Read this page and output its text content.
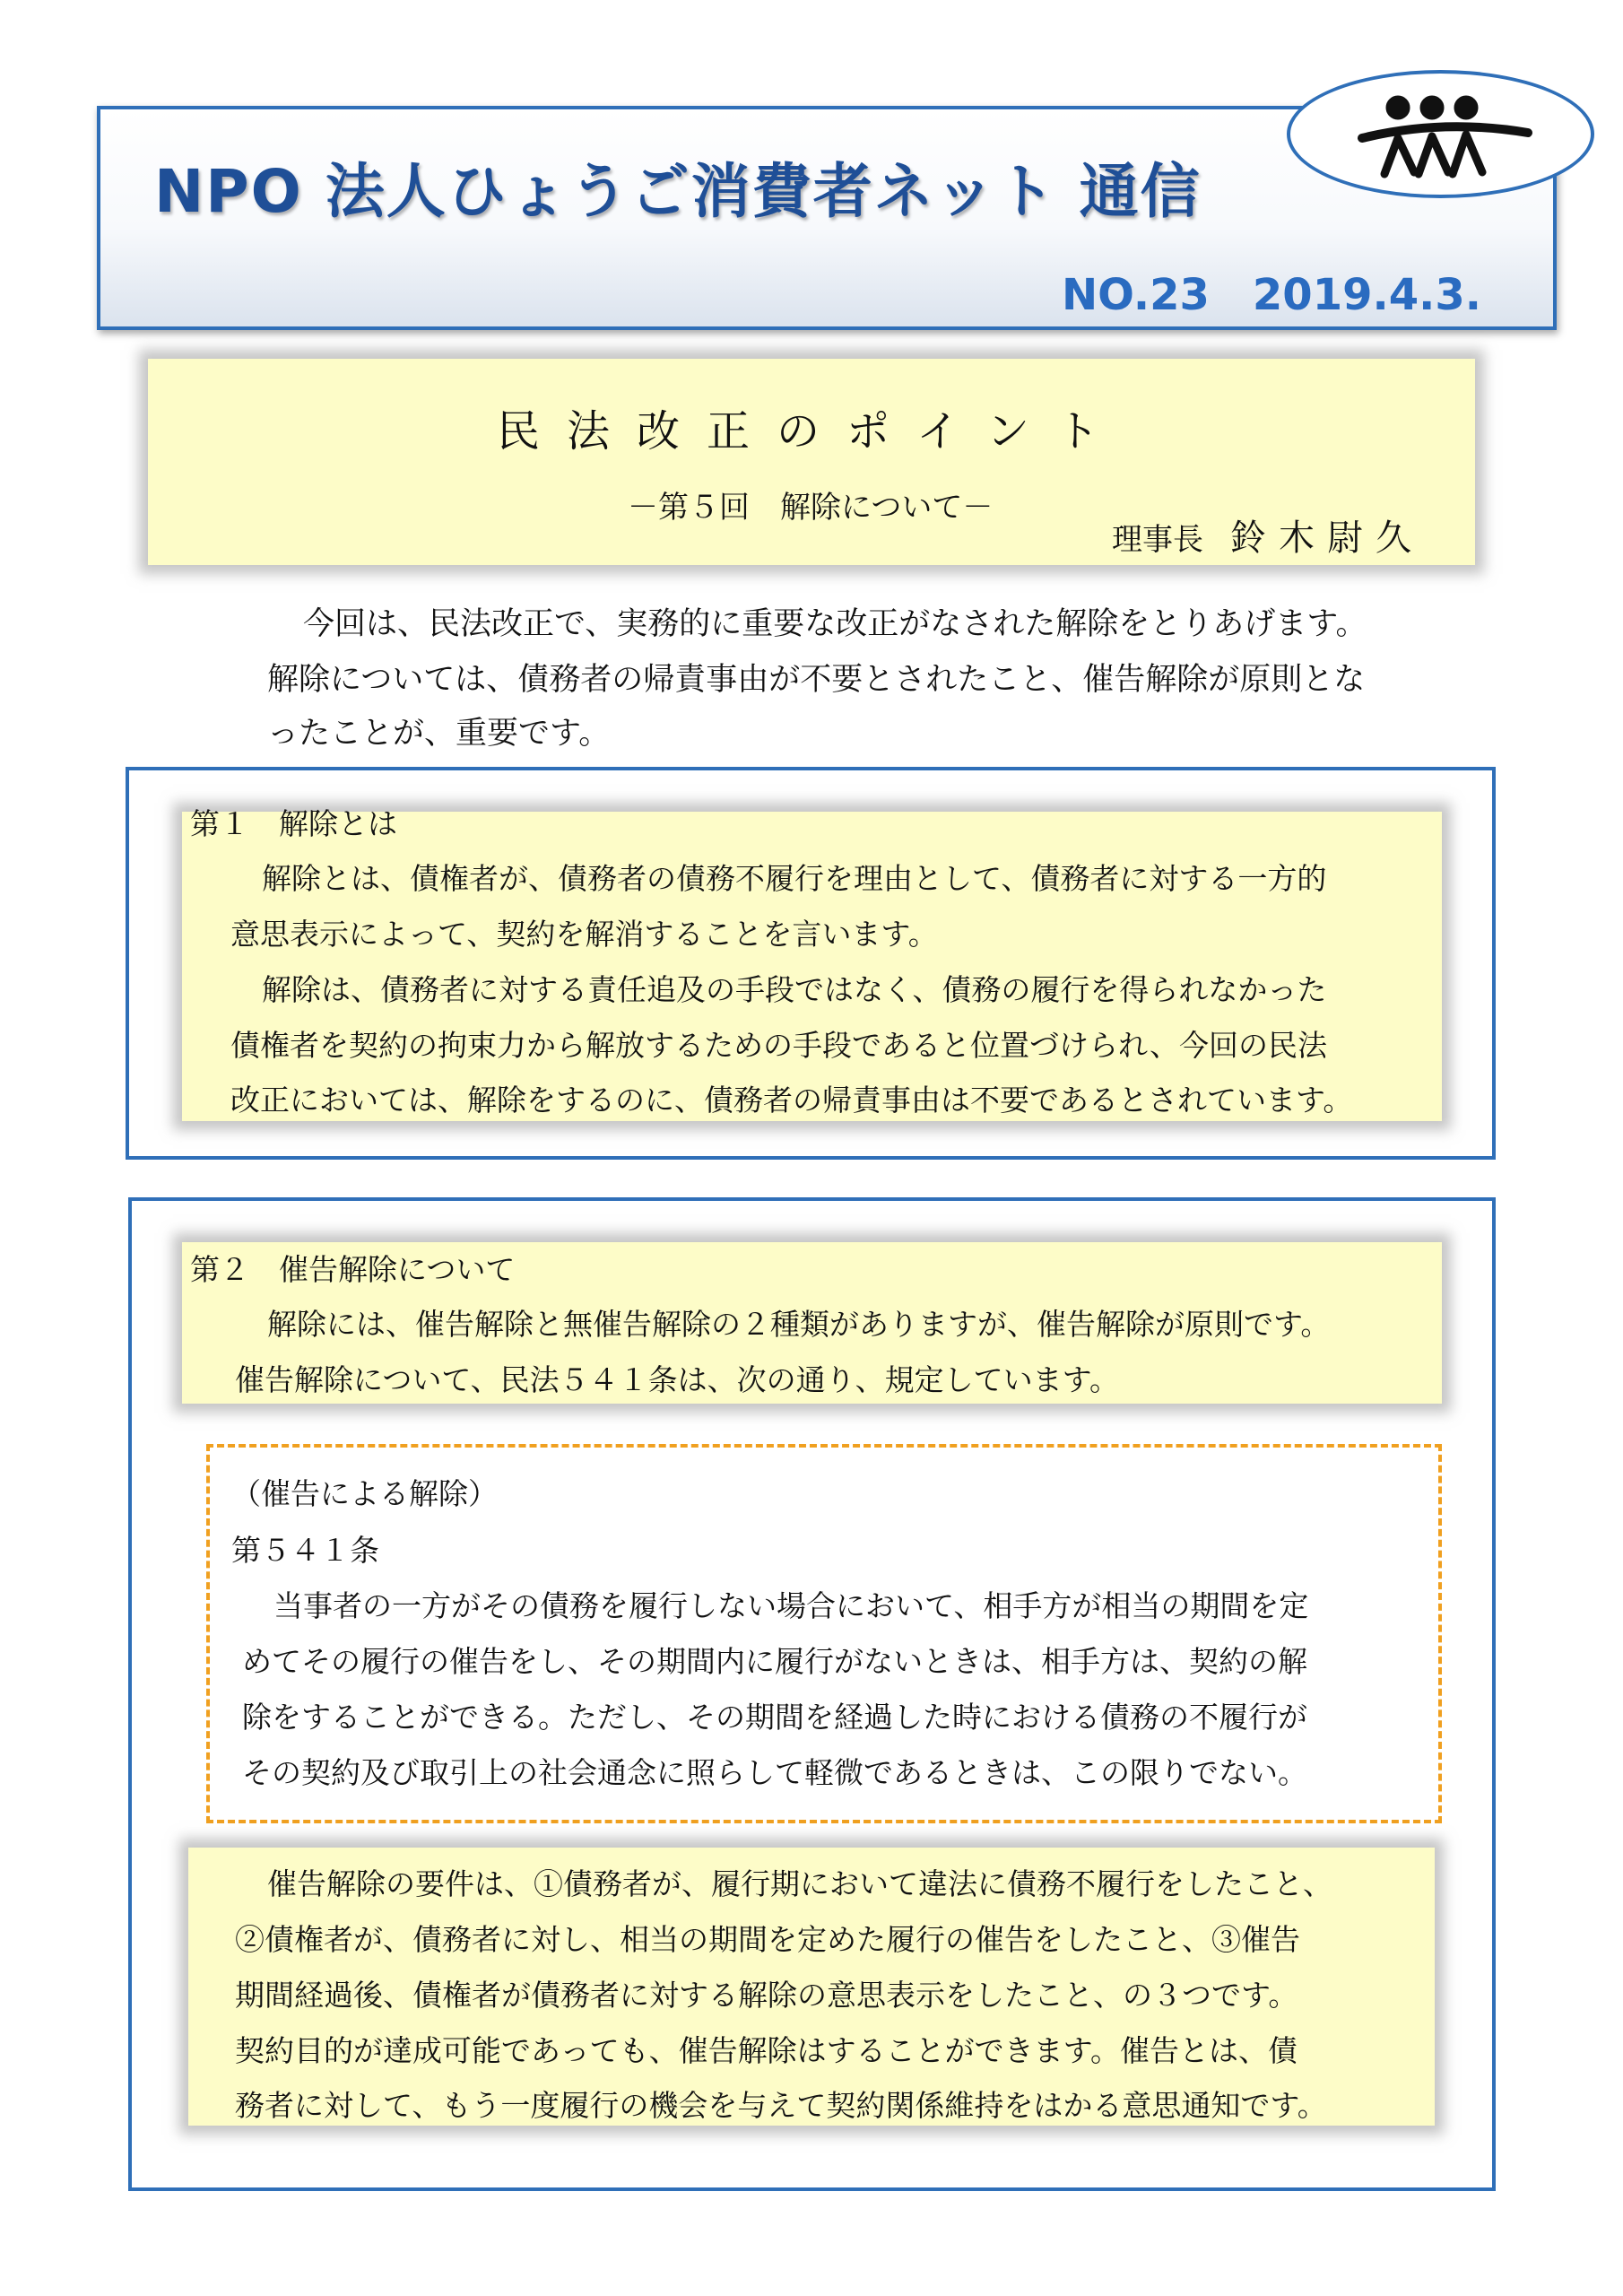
NPO 法人ひょうご消費者ネット 通信
NO.23　2019.4.3.
民法改正のポイント
－第５回　解除について－
理事長 鈴木尉久
今回は、民法改正で、実務的に重要な改正がなされた解除をとりあげます。
解除については、債務者の帰責事由が不要とされたこと、催告解除が原則とな
ったことが、重要です。
第１　解除とは
解除とは、債権者が、債務者の債務不履行を理由として、債務者に対する一方的
意思表示によって、契約を解消することを言います。
解除は、債務者に対する責任追及の手段ではなく、債務の履行を得られなかった
債権者を契約の拘束力から解放するための手段であると位置づけられ、今回の民法
改正においては、解除をするのに、債務者の帰責事由は不要であるとされています。
第２　催告解除について
解除には、催告解除と無催告解除の２種類がありますが、催告解除が原則です。
催告解除について、民法５４１条は、次の通り、規定しています。
（催告による解除）
第５４１条
当事者の一方がその債務を履行しない場合において、相手方が相当の期間を定
めてその履行の催告をし、その期間内に履行がないときは、相手方は、契約の解
除をすることができる。ただし、その期間を経過した時における債務の不履行が
その契約及び取引上の社会通念に照らして軽微であるときは、この限りでない。
催告解除の要件は、①債務者が、履行期において違法に債務不履行をしたこと、
②債権者が、債務者に対し、相当の期間を定めた履行の催告をしたこと、③催告
期間経過後、債権者が債務者に対する解除の意思表示をしたこと、の３つです。
契約目的が達成可能であっても、催告解除はすることができます。催告とは、債
務者に対して、もう一度履行の機会を与えて契約関係維持をはかる意思通知です。
